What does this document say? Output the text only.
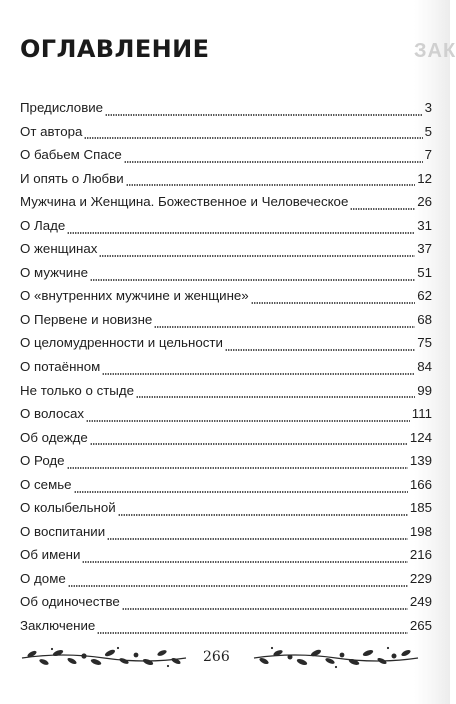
ЗАК
ОГЛАВЛЕНИЕ
Предисловие	3
От автора	5
О бабьем Спасе	7
И опять о Любви	12
Мужчина и Женщина. Божественное и Человеческое	26
О Ладе	31
О женщинах	37
О мужчине	51
О «внутренних мужчине и женщине»	62
О Первене и новизне	68
О целомудренности и цельности	75
О потаённом	84
Не только о стыде	99
О волосах	111
Об одежде	124
О Роде	139
О семье	166
О колыбельной	185
О воспитании	198
Об имени	216
О доме	229
Об одиночестве	249
Заключение	265
266
